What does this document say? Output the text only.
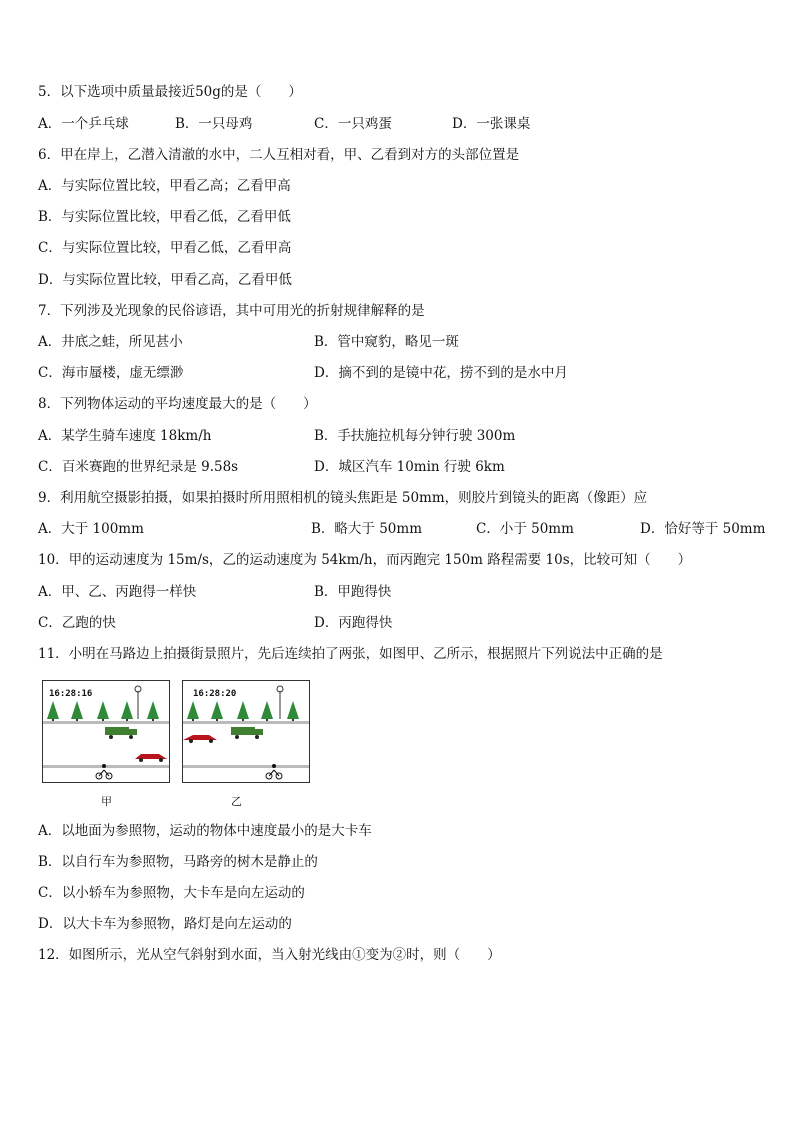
5．以下选项中质量最接近50g的是（　　）
A．一个乒乓球	B．一只母鸡	C．一只鸡蛋	D．一张课桌
6．甲在岸上，乙潜入清澈的水中，二人互相对看，甲、乙看到对方的头部位置是
A．与实际位置比较，甲看乙高；乙看甲高
B．与实际位置比较，甲看乙低，乙看甲低
C．与实际位置比较，甲看乙低，乙看甲高
D．与实际位置比较，甲看乙高，乙看甲低
7．下列涉及光现象的民俗谚语，其中可用光的折射规律解释的是
A．井底之蛙，所见甚小	B．管中窥豹，略见一斑
C．海市蜃楼，虚无缥渺	D．摘不到的是镜中花，捞不到的是水中月
8．下列物体运动的平均速度最大的是（　　）
A．某学生骑车速度 18km/h	B．手扶施拉机每分钟行驶 300m
C．百米赛跑的世界纪录是 9.58s	D．城区汽车 10min 行驶 6km
9．利用航空摄影拍摄，如果拍摄时所用照相机的镜头焦距是 50mm，则胶片到镜头的距离（像距）应
A．大于 100mm	B．略大于 50mm	C．小于 50mm	D．恰好等于 50mm
10．甲的运动速度为 15m/s，乙的运动速度为 54km/h，而丙跑完 150m 路程需要 10s，比较可知（　　）
A．甲、乙、丙跑得一样快	B．甲跑得快
C．乙跑的快	D．丙跑得快
11．小明在马路边上拍摄街景照片，先后连续拍了两张，如图甲、乙所示，根据照片下列说法中正确的是
16:28:16
甲
16:28:20
乙
A．以地面为参照物，运动的物体中速度最小的是大卡车
B．以自行车为参照物，马路旁的树木是静止的
C．以小轿车为参照物，大卡车是向左运动的
D．以大卡车为参照物，路灯是向左运动的
12．如图所示，光从空气斜射到水面，当入射光线由①变为②时，则（　　）
